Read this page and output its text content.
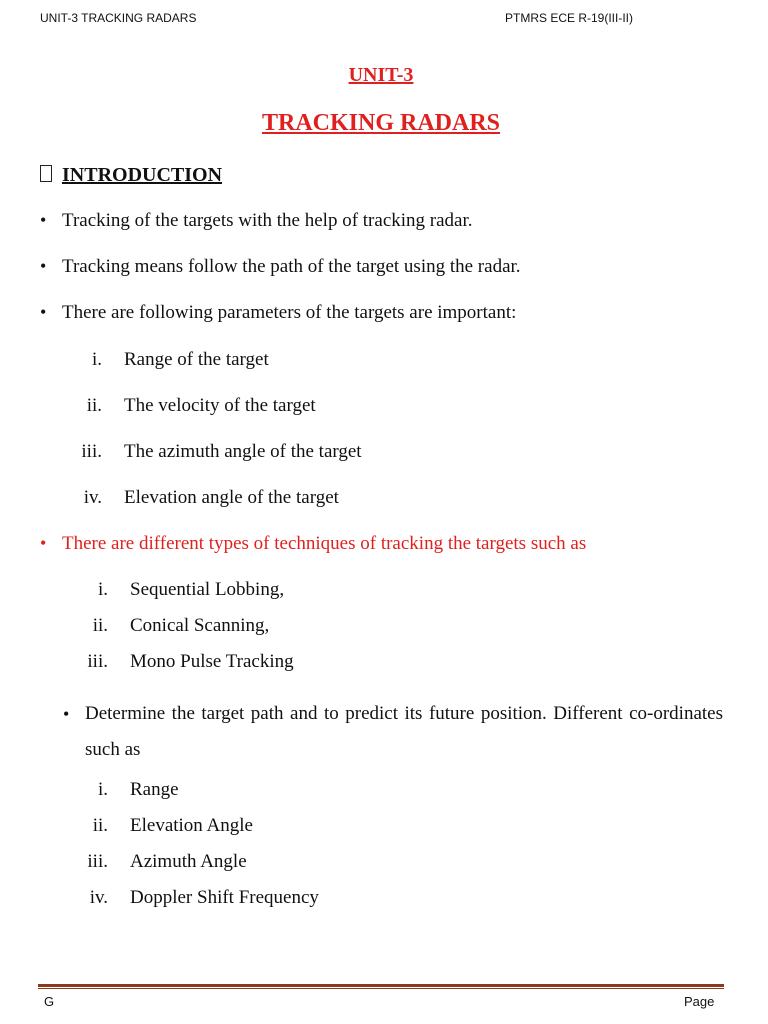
UNIT-3 TRACKING RADARS	PTMRS ECE R-19(III-II)
UNIT-3
TRACKING RADARS
INTRODUCTION
• Tracking of the targets with the help of tracking radar.
• Tracking means follow the path of the target using the radar.
• There are following parameters of the targets are important:
i. Range of the target
ii. The velocity of the target
iii. The azimuth angle of the target
iv. Elevation angle of the target
• There are different types of techniques of tracking the targets such as
i. Sequential Lobbing,
ii. Conical Scanning,
iii. Mono Pulse Tracking
• Determine the target path and to predict its future position. Different co-ordinates such as
i. Range
ii. Elevation Angle
iii. Azimuth Angle
iv. Doppler Shift Frequency
G	Page
